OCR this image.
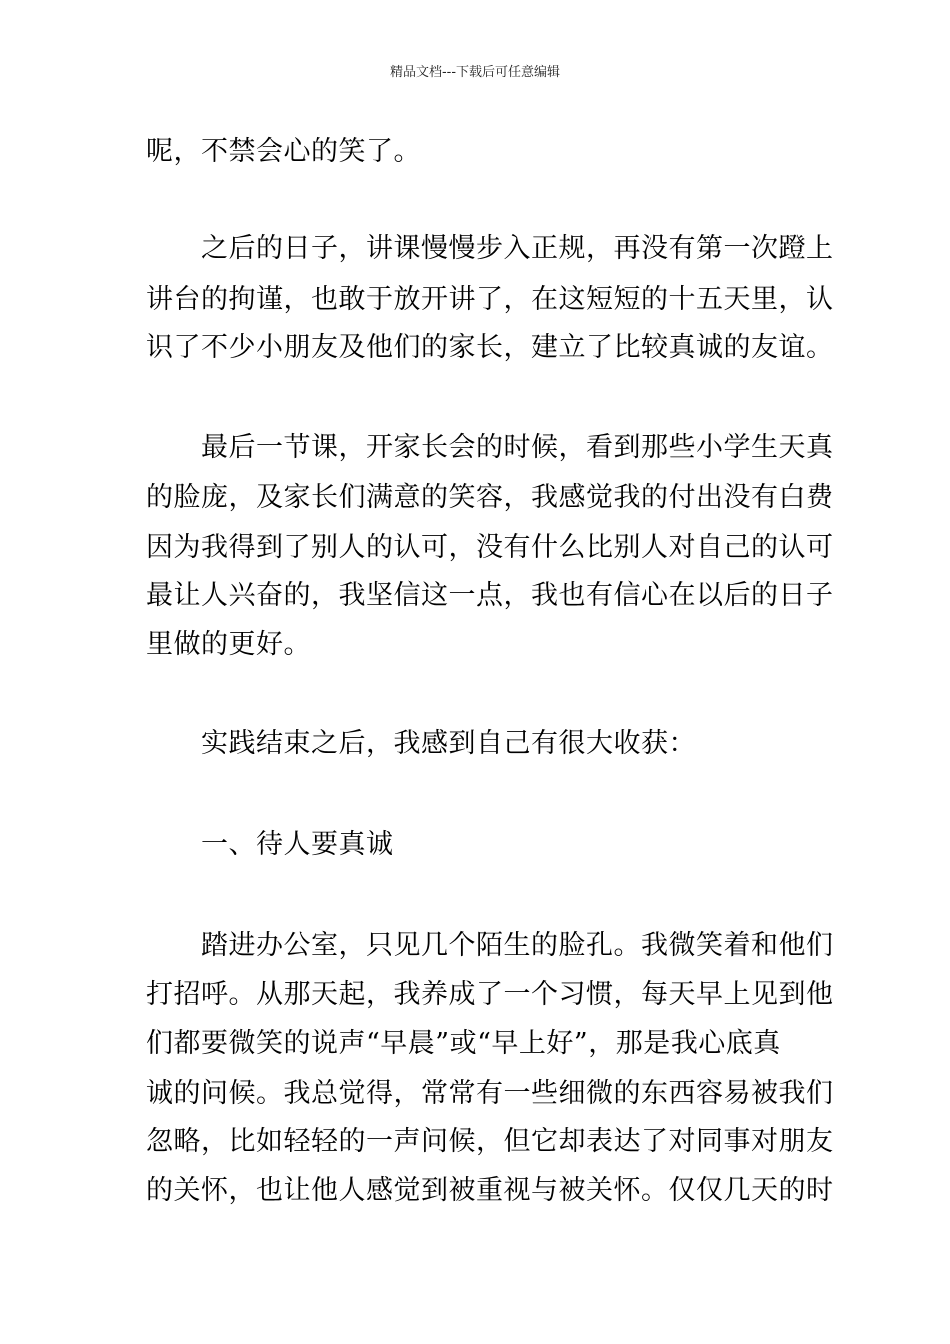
精品文档---下载后可任意编辑
呢，不禁会心的笑了。
　　之后的日子，讲课慢慢步入正规，再没有第一次蹬上
讲台的拘谨，也敢于放开讲了，在这短短的十五天里，认
识了不少小朋友及他们的家长，建立了比较真诚的友谊。
　　最后一节课，开家长会的时候，看到那些小学生天真
的脸庞，及家长们满意的笑容，我感觉我的付出没有白费
因为我得到了别人的认可，没有什么比别人对自己的认可
最让人兴奋的，我坚信这一点，我也有信心在以后的日子
里做的更好。
　　实践结束之后，我感到自己有很大收获：
　　一、待人要真诚
　　踏进办公室，只见几个陌生的脸孔。我微笑着和他们
打招呼。从那天起，我养成了一个习惯，每天早上见到他
们都要微笑的说声“早晨”或“早上好”，那是我心底真
诚的问候。我总觉得，常常有一些细微的东西容易被我们
忽略，比如轻轻的一声问候，但它却表达了对同事对朋友
的关怀，也让他人感觉到被重视与被关怀。仅仅几天的时
